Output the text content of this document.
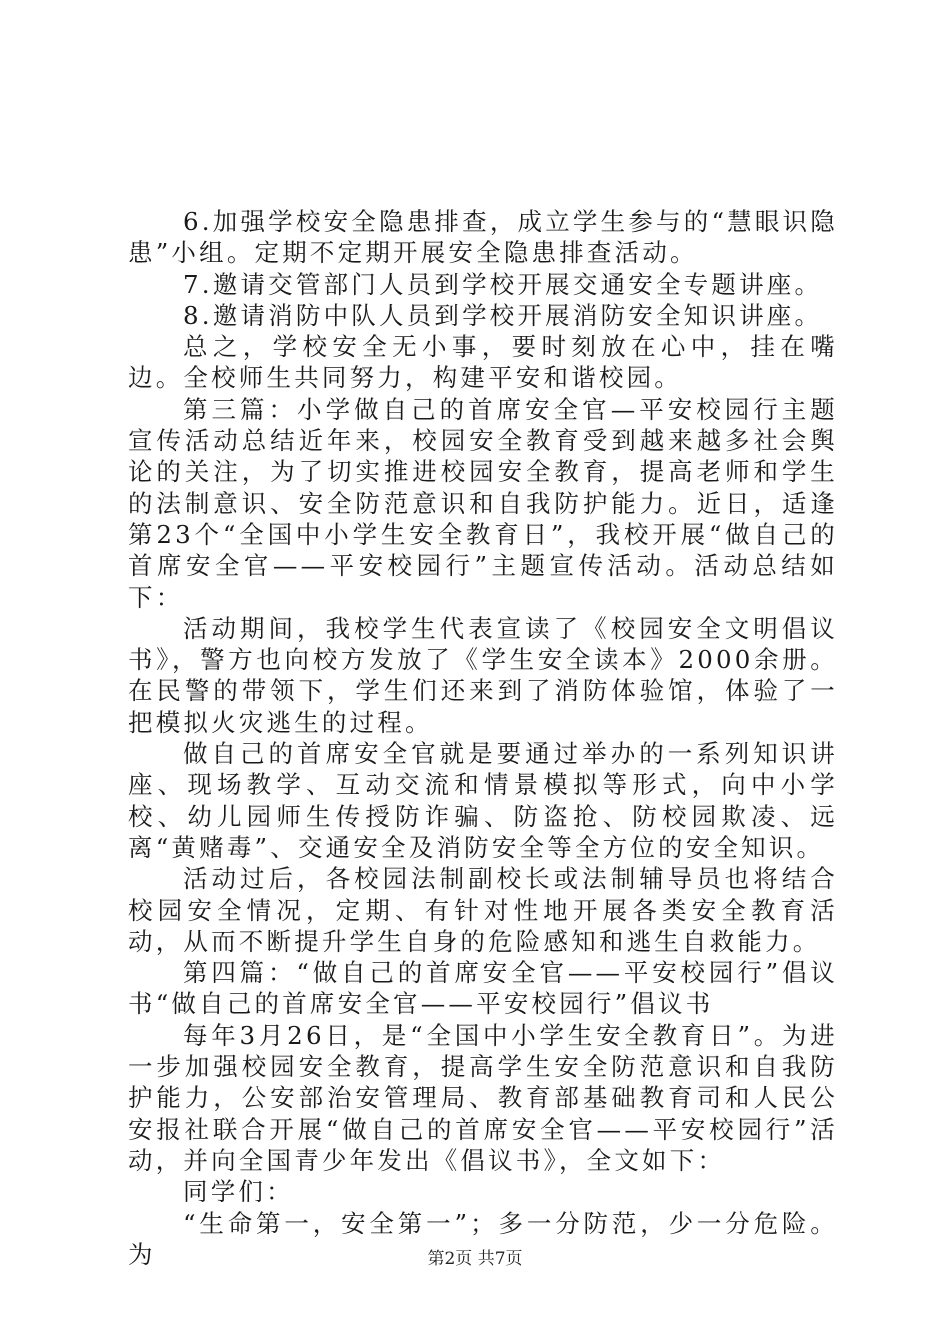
6.加强学校安全隐患排查，成立学生参与的“慧眼识隐患”小组。定期不定期开展安全隐患排查活动。

7.邀请交管部门人员到学校开展交通安全专题讲座。

8.邀请消防中队人员到学校开展消防安全知识讲座。

总之，学校安全无小事，要时刻放在心中，挂在嘴边。全校师生共同努力，构建平安和谐校园。

第三篇：小学做自己的首席安全官—平安校园行主题宣传活动总结近年来，校园安全教育受到越来越多社会舆论的关注，为了切实推进校园安全教育，提高老师和学生的法制意识、安全防范意识和自我防护能力。近日，适逢第23个“全国中小学生安全教育日”，我校开展“做自己的首席安全官——平安校园行”主题宣传活动。活动总结如下：

活动期间，我校学生代表宣读了《校园安全文明倡议书》，警方也向校方发放了《学生安全读本》2000余册。在民警的带领下，学生们还来到了消防体验馆，体验了一把模拟火灾逃生的过程。

做自己的首席安全官就是要通过举办的一系列知识讲座、现场教学、互动交流和情景模拟等形式，向中小学校、幼儿园师生传授防诈骗、防盗抢、防校园欺凌、远离“黄赌毒”、交通安全及消防安全等全方位的安全知识。

活动过后，各校园法制副校长或法制辅导员也将结合校园安全情况，定期、有针对性地开展各类安全教育活动，从而不断提升学生自身的危险感知和逃生自救能力。

第四篇：“做自己的首席安全官——平安校园行”倡议书“做自己的首席安全官——平安校园行”倡议书

每年3月26日，是“全国中小学生安全教育日”。为进一步加强校园安全教育，提高学生安全防范意识和自我防护能力，公安部治安管理局、教育部基础教育司和人民公安报社联合开展“做自己的首席安全官——平安校园行”活动，并向全国青少年发出《倡议书》，全文如下：

同学们：

“生命第一，安全第一”；多一分防范，少一分危险。为	第2页 共7页
